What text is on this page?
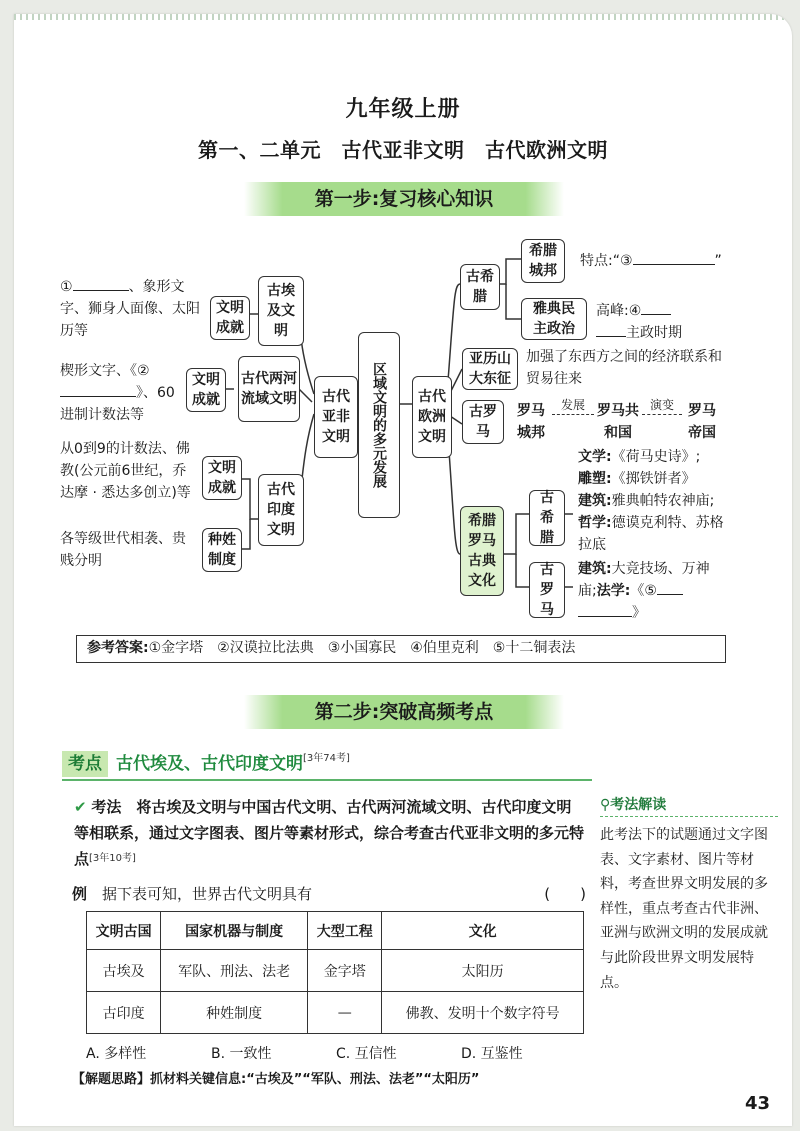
九年级上册
第一、二单元　古代亚非文明　古代欧洲文明
第一步:复习核心知识
区域文明的多元发展
古代亚非文明
古埃及文明
文明成就
①	、象形文字、狮身人面像、太阳历等
古代两河流域文明
文明成就
楔形文字、《②
》、60 进制计数法等
古代印度文明
文明成就
种姓制度
从0到9的计数法、佛教(公元前6世纪，乔达摩 · 悉达多创立)等
各等级世代相袭、贵贱分明
古代欧洲文明
古希腊
希腊城邦
雅典民主政治
特点:“③	”
高峰:④
主政时期
亚历山大东征
加强了东西方之间的经济联系和贸易往来
古罗马
罗马城邦
发展 罗马共和国
演变	罗马帝国
希腊罗马古典文化
古希腊
古罗马
文学:《荷马史诗》;
雕塑:《掷铁饼者》
建筑:雅典帕特农神庙;哲学:德谟克利特、苏格拉底
建筑:大竞技场、万神庙;法学:《⑤
》
参考答案:①金字塔　②汉谟拉比法典　③小国寡民　④伯里克利　⑤十二铜表法
第二步:突破高频考点
考点 古代埃及、古代印度文明[3年74考]
✔ 考法　 将古埃及文明与中国古代文明、古代两河流域文明、古代印度文明等相联系，通过文字图表、图片等素材形式，综合考查古代亚非文明的多元特点[3年10考]
⚲考法解读
此考法下的试题通过文字图表、文字素材、图片等材料，考查世界文明发展的多样性，重点考查古代非洲、亚洲与欧洲文明的发展成就与此阶段世界文明发展特点。
例　 据下表可知，世界古代文明具有	(　　)
文明古国	国家机器与制度	大型工程	文化
古埃及	军队、刑法、法老	金字塔	太阳历
古印度	种姓制度	—	佛教、发明十个数字符号
A. 多样性	B. 一致性	C. 互信性	D. 互鉴性
【解题思路】抓材料关键信息:“古埃及”“军队、刑法、法老”“太阳历”
43
